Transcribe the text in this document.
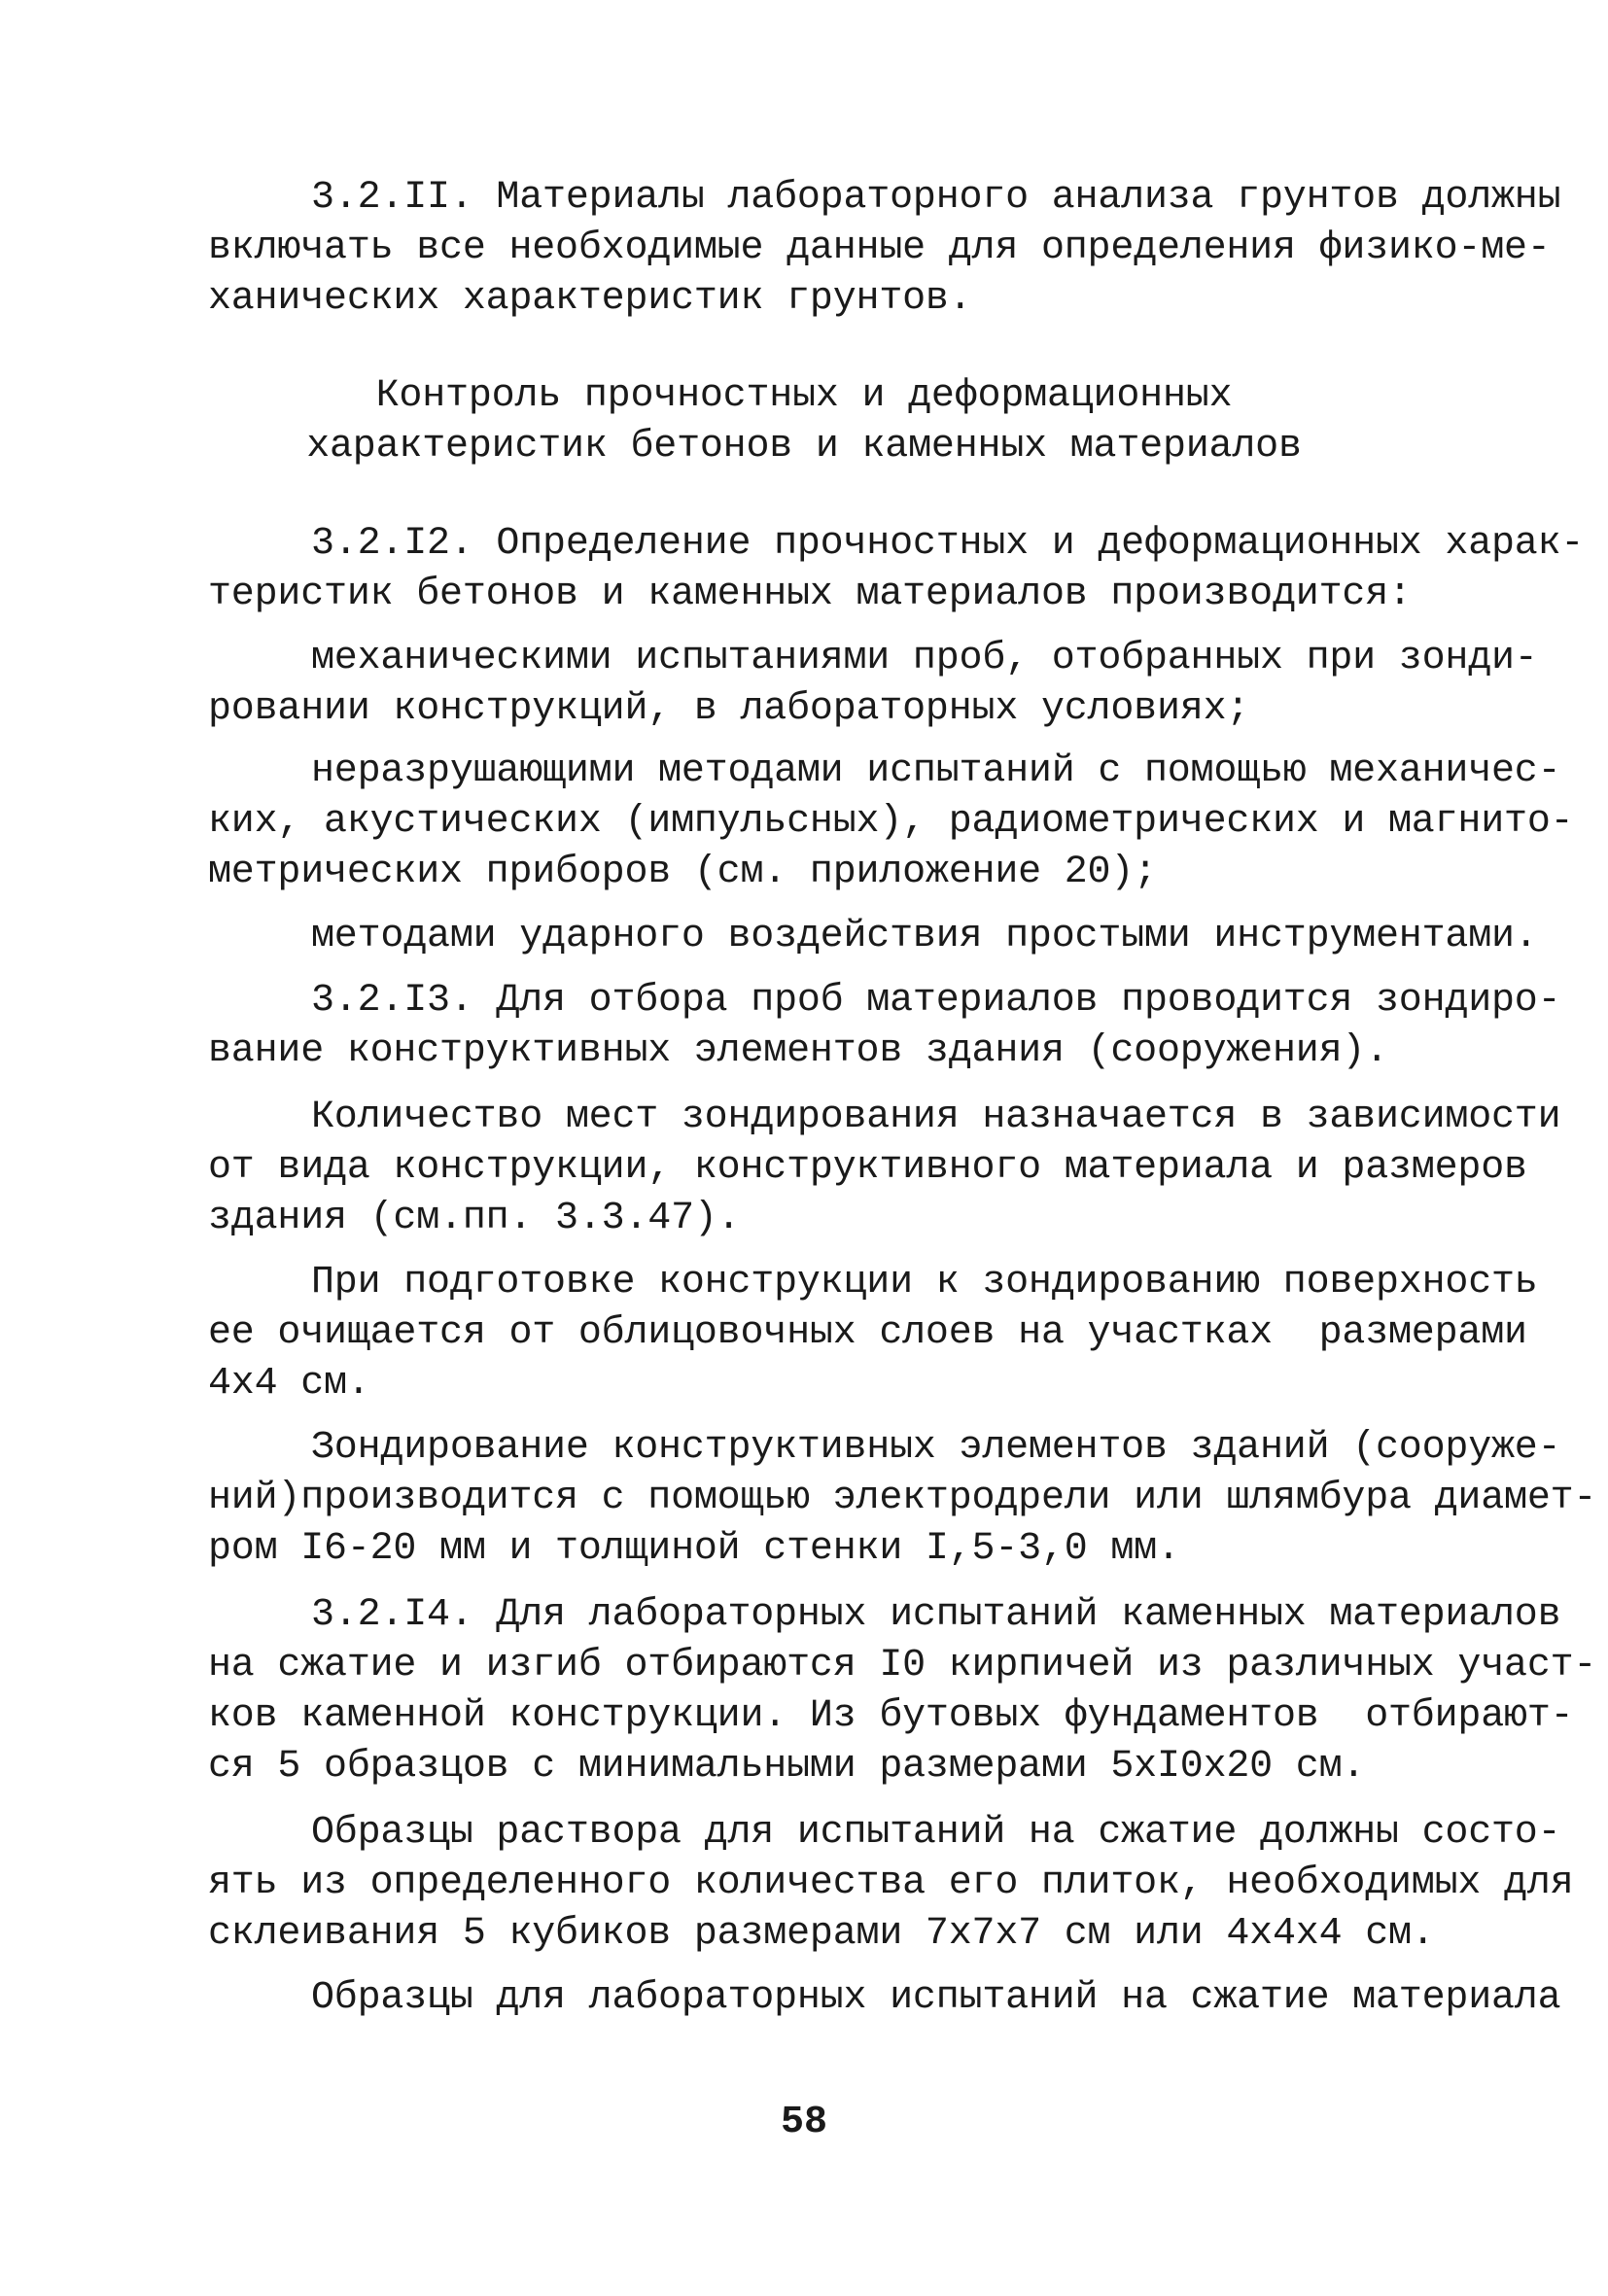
3.2.II. Материалы лабораторного анализа грунтов должны
включать все необходимые данные для определения физико-ме-
ханических характеристик грунтов.
Контроль прочностных и деформационных
характеристик бетонов и каменных материалов
3.2.I2. Определение прочностных и деформационных харак-
теристик бетонов и каменных материалов производится:
механическими испытаниями проб, отобранных при зонди-
ровании конструкций, в лабораторных условиях;
неразрушающими методами испытаний с помощью механичес-
ких, акустических (импульсных), радиометрических и магнито-
метрических приборов (см. приложение 20);
методами ударного воздействия простыми инструментами.
3.2.I3. Для отбора проб материалов проводится зондиро-
вание конструктивных элементов здания (сооружения).
Количество мест зондирования назначается в зависимости
от вида конструкции, конструктивного материала и размеров
здания (см.пп. 3.3.47).
При подготовке конструкции к зондированию поверхность
ее очищается от облицовочных слоев на участках  размерами
4х4 см.
Зондирование конструктивных элементов зданий (сооруже-
ний)производится с помощью электродрели или шлямбура диамет-
ром I6-20 мм и толщиной стенки I,5-3,0 мм.
3.2.I4. Для лабораторных испытаний каменных материалов
на сжатие и изгиб отбираются I0 кирпичей из различных участ-
ков каменной конструкции. Из бутовых фундаментов  отбирают-
ся 5 образцов с минимальными размерами 5хI0х20 см.
Образцы раствора для испытаний на сжатие должны состо-
ять из определенного количества его плиток, необходимых для
склеивания 5 кубиков размерами 7х7х7 см или 4х4х4 см.
Образцы для лабораторных испытаний на сжатие материала
58
